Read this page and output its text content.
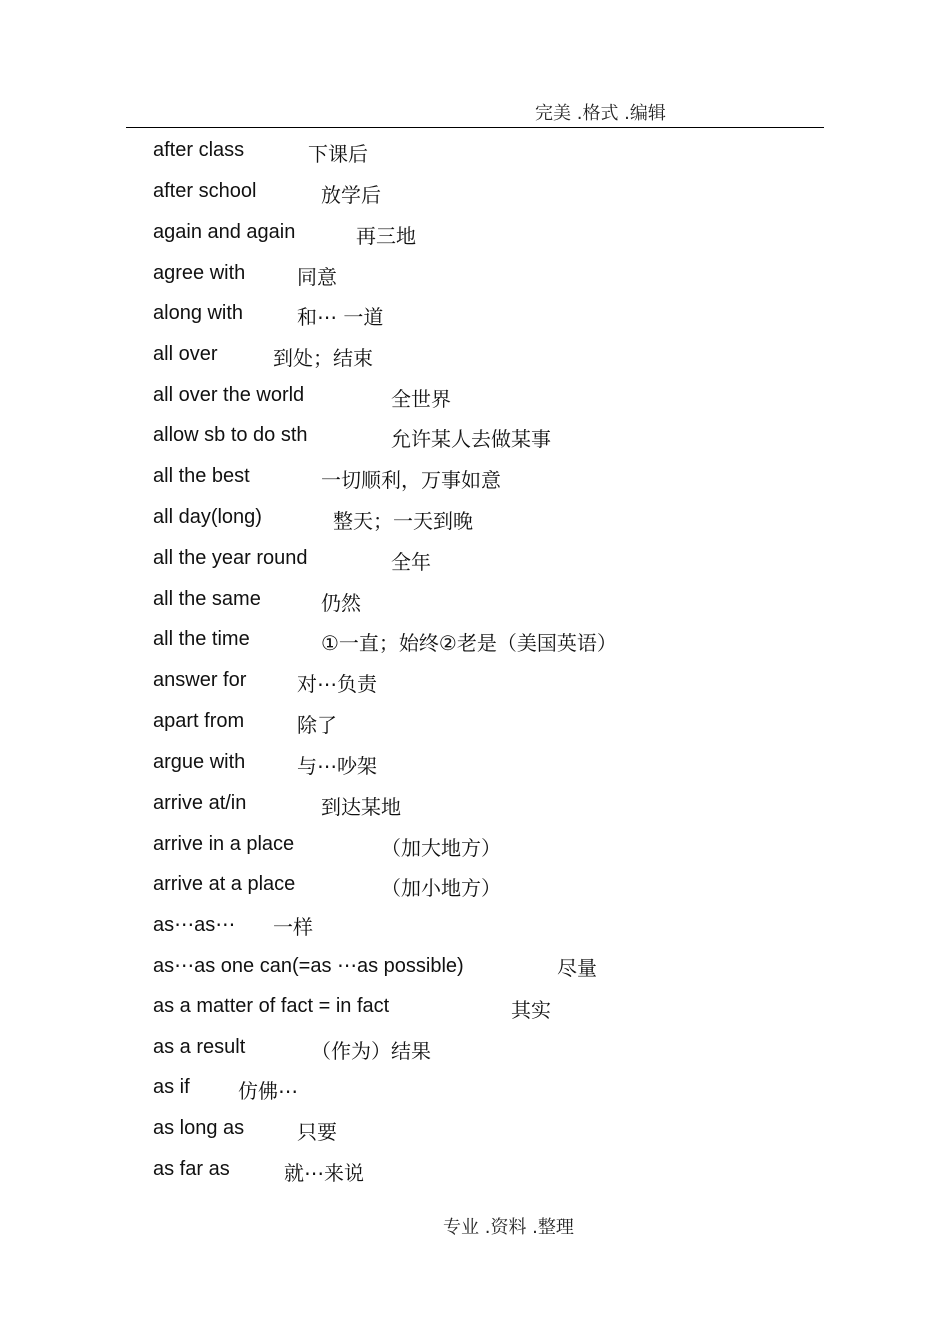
完美 .格式 .编辑
after class	下课后
after school	放学后
again and again	再三地
agree with	同意
along with	和⋯ 一道
all over	到处；结束
all over the world	全世界
allow sb to do sth	允许某人去做某事
all the best	一切顺利，万事如意
all day(long)	整天；一天到晚
all the year round	全年
all the same	仍然
all the time	①一直；始终②老是（美国英语）
answer for	对⋯负责
apart from	除了
argue with	与⋯吵架
arrive at/in	到达某地
arrive in a place	（加大地方）
arrive at a place	（加小地方）
as⋯as⋯ 一样
as⋯as one can(=as ⋯as possible)	尽量
as a matter of fact = in fact	其实
as a result	（作为）结果
as if 仿佛⋯
as long as	只要
as far as	就⋯来说
专业 .资料 .整理
